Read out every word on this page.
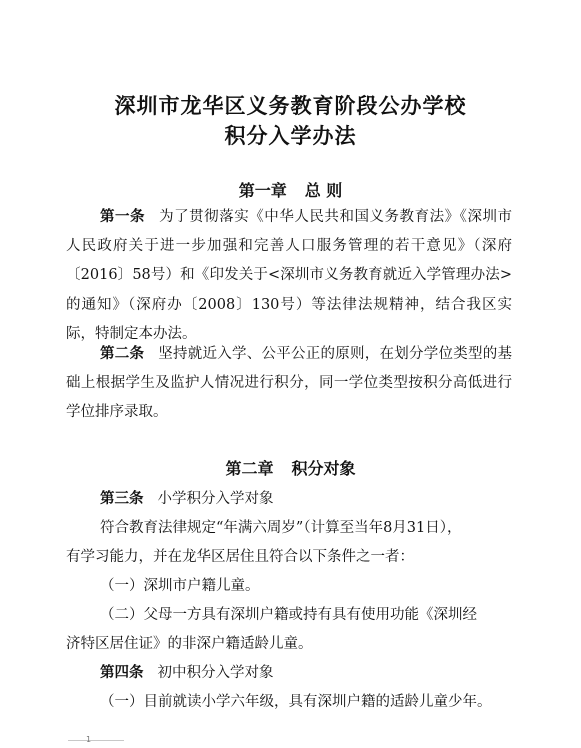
深圳市龙华区义务教育阶段公办学校
积分入学办法
第一章 总 则
第一条 为了贯彻落实《中华人民共和国义务教育法》《深圳市人民政府关于进一步加强和完善人口服务管理的若干意见》（深府〔2016〕58号）和《印发关于<深圳市义务教育就近入学管理办法>的通知》（深府办〔2008〕130号）等法律法规精神，结合我区实际，特制定本办法。
第二条 坚持就近入学、公平公正的原则，在划分学位类型的基础上根据学生及监护人情况进行积分，同一学位类型按积分高低进行学位排序录取。
第二章 积分对象
第三条 小学积分入学对象
符合教育法律规定“年满六周岁”（计算至当年8月31日），
有学习能力，并在龙华区居住且符合以下条件之一者：
（一）深圳市户籍儿童。
（二）父母一方具有深圳户籍或持有具有使用功能《深圳经
济特区居住证》的非深户籍适龄儿童。
第四条 初中积分入学对象
（一）目前就读小学六年级，具有深圳户籍的适龄儿童少年。
1
